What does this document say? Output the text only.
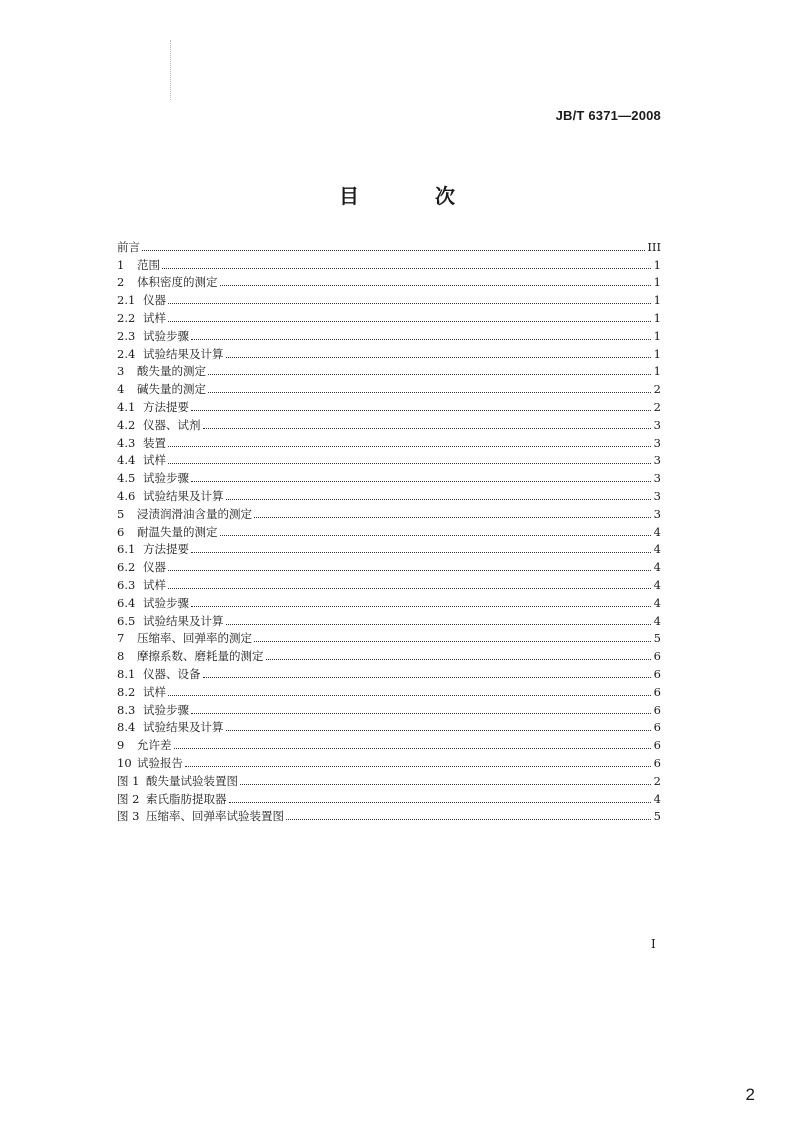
JB/T 6371—2008
目　次
前言	III
1	范围	1
2	体积密度的测定	1
2.1 仪器	1
2.2 试样	1
2.3 试验步骤	1
2.4 试验结果及计算	1
3	酸失量的测定	1
4	碱失量的测定	2
4.1 方法提要	2
4.2 仪器、试剂	3
4.3 装置	3
4.4 试样	3
4.5 试验步骤	3
4.6 试验结果及计算	3
5	浸渍润滑油含量的测定	3
6	耐温失量的测定	4
6.1 方法提要	4
6.2 仪器	4
6.3 试样	4
6.4 试验步骤	4
6.5 试验结果及计算	4
7	压缩率、回弹率的测定	5
8	摩擦系数、磨耗量的测定	6
8.1 仪器、设备	6
8.2 试样	6
8.3 试验步骤	6
8.4 试验结果及计算	6
9	允许差	6
10 试验报告	6
图 1 酸失量试验装置图	2
图 2 索氏脂肪提取器	4
图 3 压缩率、回弹率试验装置图	5
I
2
